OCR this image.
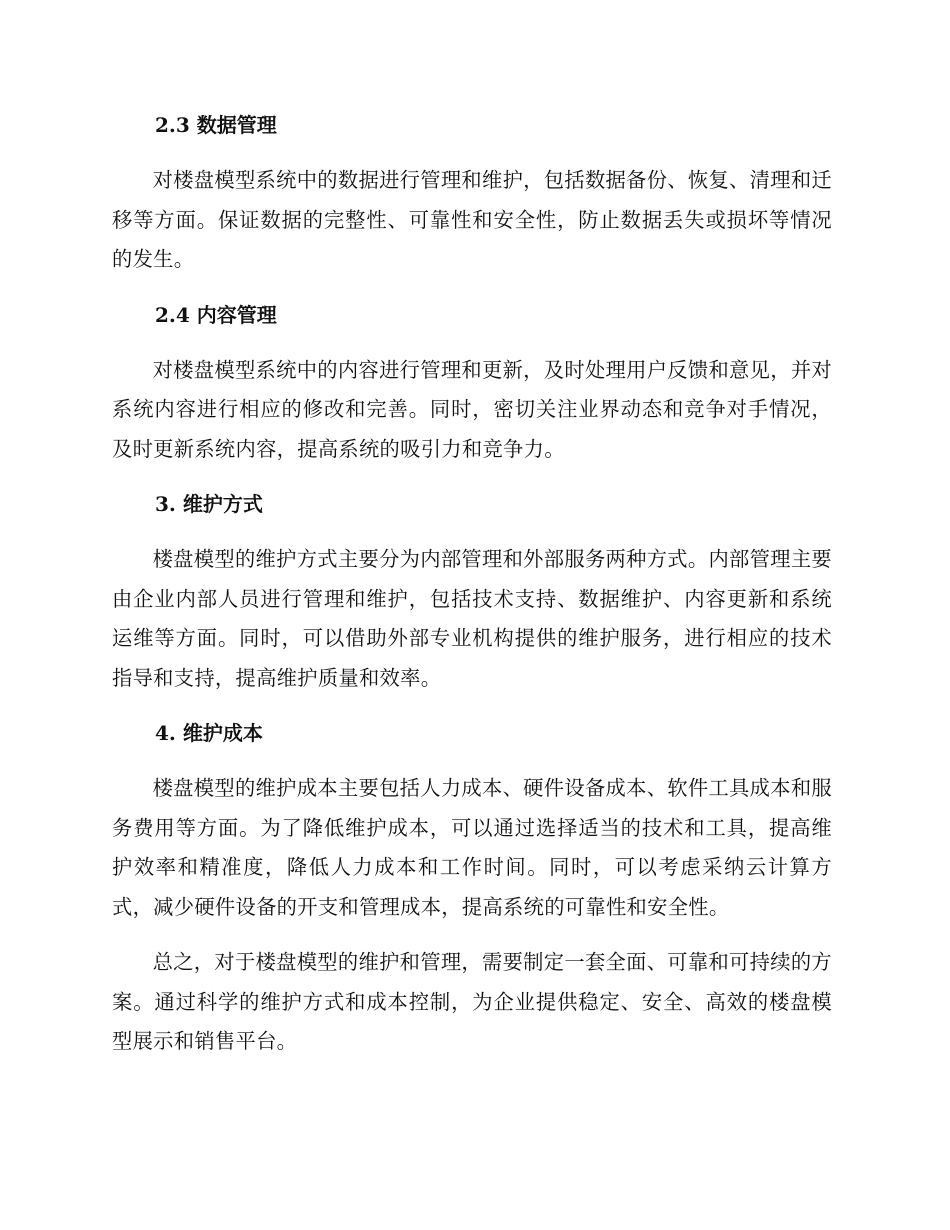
2.3 数据管理

对楼盘模型系统中的数据进行管理和维护，包括数据备份、恢复、清理和迁移等方面。保证数据的完整性、可靠性和安全性，防止数据丢失或损坏等情况的发生。

2.4 内容管理

对楼盘模型系统中的内容进行管理和更新，及时处理用户反馈和意见，并对系统内容进行相应的修改和完善。同时，密切关注业界动态和竞争对手情况，及时更新系统内容，提高系统的吸引力和竞争力。

3. 维护方式

楼盘模型的维护方式主要分为内部管理和外部服务两种方式。内部管理主要由企业内部人员进行管理和维护，包括技术支持、数据维护、内容更新和系统运维等方面。同时，可以借助外部专业机构提供的维护服务，进行相应的技术指导和支持，提高维护质量和效率。

4. 维护成本

楼盘模型的维护成本主要包括人力成本、硬件设备成本、软件工具成本和服务费用等方面。为了降低维护成本，可以通过选择适当的技术和工具，提高维护效率和精准度，降低人力成本和工作时间。同时，可以考虑采纳云计算方式，减少硬件设备的开支和管理成本，提高系统的可靠性和安全性。

总之，对于楼盘模型的维护和管理，需要制定一套全面、可靠和可持续的方案。通过科学的维护方式和成本控制，为企业提供稳定、安全、高效的楼盘模型展示和销售平台。
